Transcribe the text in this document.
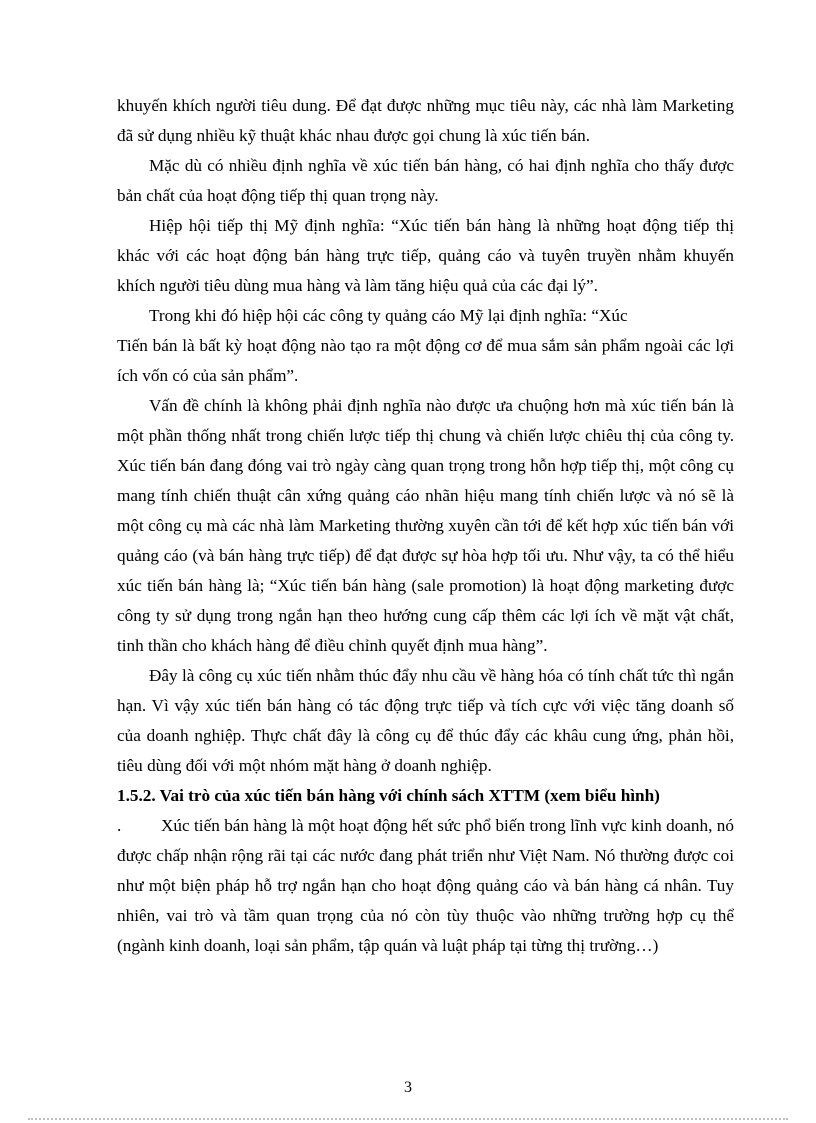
khuyến khích người tiêu dung. Để đạt được những mục tiêu này, các nhà làm Marketing đã sử dụng nhiều kỹ thuật khác nhau được gọi chung là xúc tiến bán.

Mặc dù có nhiều định nghĩa về xúc tiến bán hàng, có hai định nghĩa cho thấy được bản chất của hoạt động tiếp thị quan trọng này.

Hiệp hội tiếp thị Mỹ định nghĩa: “Xúc tiến bán hàng là những hoạt động tiếp thị khác với các hoạt động bán hàng trực tiếp, quảng cáo và tuyên truyền nhằm khuyến khích người tiêu dùng mua hàng và làm tăng hiệu quả của các đại lý”.

Trong khi đó hiệp hội các công ty quảng cáo Mỹ lại định nghĩa: “Xúc

Tiến bán là bất kỳ hoạt động nào tạo ra một động cơ để mua sắm sản phẩm ngoài các lợi ích vốn có của sản phẩm”.

Vấn đề chính là không phải định nghĩa nào được ưa chuộng hơn mà xúc tiến bán là một phần thống nhất trong chiến lược tiếp thị chung và chiến lược chiêu thị của công ty. Xúc tiến bán đang đóng vai trò ngày càng quan trọng trong hỗn hợp tiếp thị, một công cụ mang tính chiến thuật cân xứng quảng cáo nhãn hiệu mang tính chiến lược và nó sẽ là một công cụ mà các nhà làm Marketing thường xuyên cần tới để kết hợp xúc tiến bán với quảng cáo (và bán hàng trực tiếp) để đạt được sự hòa hợp tối ưu. Như vậy, ta có thể hiểu xúc tiến bán hàng là; “Xúc tiến bán hàng (sale promotion) là hoạt động marketing được công ty sử dụng trong ngắn hạn theo hướng cung cấp thêm các lợi ích về mặt vật chất, tinh thần cho khách hàng để điều chỉnh quyết định mua hàng”.

Đây là công cụ xúc tiến nhằm thúc đẩy nhu cầu về hàng hóa có tính chất tức thì ngắn hạn. Vì vậy xúc tiến bán hàng có tác động trực tiếp và tích cực với việc tăng doanh số của doanh nghiệp. Thực chất đây là công cụ để thúc đẩy các khâu cung ứng, phản hồi, tiêu dùng đối với một nhóm mặt hàng ở doanh nghiệp.

1.5.2. Vai trò của xúc tiến bán hàng với chính sách XTTM (xem biểu hình)

. Xúc tiến bán hàng là một hoạt động hết sức phổ biến trong lĩnh vực kinh doanh, nó được chấp nhận rộng rãi tại các nước đang phát triển như Việt Nam. Nó thường được coi như một biện pháp hỗ trợ ngắn hạn cho hoạt động quảng cáo và bán hàng cá nhân. Tuy nhiên, vai trò và tầm quan trọng của nó còn tùy thuộc vào những trường hợp cụ thể (ngành kinh doanh, loại sản phẩm, tập quán và luật pháp tại từng thị trường…)

3
